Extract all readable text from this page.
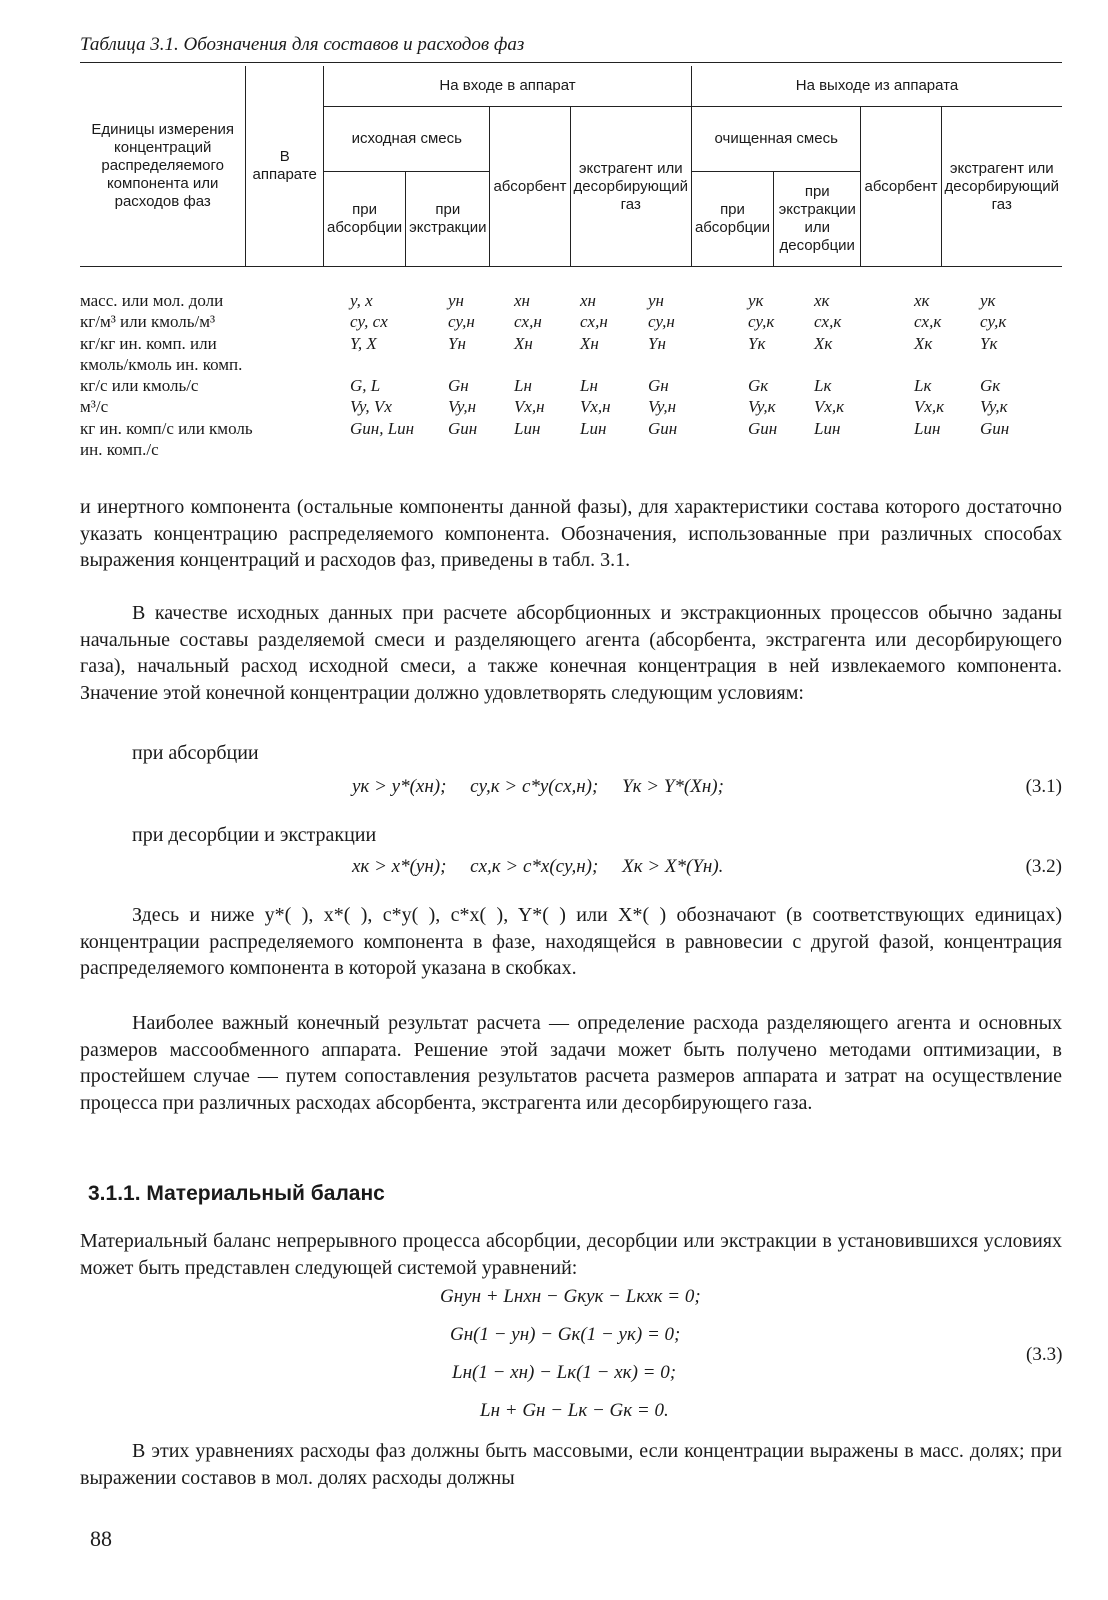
Таблица 3.1. Обозначения для составов и расходов фаз
Единицы измерения концентраций распределяемого компонента или расходов фаз	В аппарате	На входе в аппарат				На выходе из аппарата			
		исходная смесь		абсорбент	экстрагент или десорбирующий газ	очищенная смесь		абсорбент	экстрагент или десорбирующий газ
		при абсорбции	при экстракции			при абсорбции	при экстракции или десорбции		
масс. или мол. доли	y, x	yн	xн	xн	yн	yк	xк	xк	yк
кг/м³ или кмоль/м³	cy, cx	cy,н	cx,н	cx,н	cy,н	cy,к	cx,к	cx,к	cy,к
кг/кг ин. комп. или	Y, X	Yн	Xн	Xн	Yн	Yк	Xк	Xк	Yк
кмоль/кмоль ин. комп.
кг/с или кмоль/с	G, L	Gн	Lн	Lн	Gн	Gк	Lк	Lк	Gк
м³/с	Vy, Vx	Vy,н	Vx,н	Vx,н	Vy,н	Vy,к	Vx,к	Vx,к	Vy,к
кг ин. комп/с или кмоль	Gин, Lин	Gин	Lин	Lин	Gин	Gин	Lин	Lин	Gин
ин. комп./с

и инертного компонента (остальные компоненты данной фазы), для характеристики состава которого достаточно указать концентрацию распределяемого компонента. Обозначения, использованные при различных способах выражения концентраций и расходов фаз, приведены в табл. 3.1.

В качестве исходных данных при расчете абсорбционных и экстракционных процессов обычно заданы начальные составы разделяемой смеси и разделяющего агента (абсорбента, экстрагента или десорбирующего газа), начальный расход исходной смеси, а также конечная концентрация в ней извлекаемого компонента. Значение этой конечной концентрации должно удовлетворять следующим условиям:

при абсорбции
yк > y*(xн);     cy,к > c*y(cx,н);     Yк > Y*(Xн);	(3.1)
при десорбции и экстракции
xк > x*(yн);     cx,к > c*x(cy,н);     Xк > X*(Yн).	(3.2)

Здесь и ниже y*( ), x*( ), c*y( ), c*x( ), Y*( ) или X*( ) обозначают (в соответствующих единицах) концентрации распределяемого компонента в фазе, находящейся в равновесии с другой фазой, концентрация распределяемого компонента в которой указана в скобках.

Наиболее важный конечный результат расчета — определение расхода разделяющего агента и основных размеров массообменного аппарата. Решение этой задачи может быть получено методами оптимизации, в простейшем случае — путем сопоставления результатов расчета размеров аппарата и затрат на осуществление процесса при различных расходах абсорбента, экстрагента или десорбирующего газа.

3.1.1. Материальный баланс

Материальный баланс непрерывного процесса абсорбции, десорбции или экстракции в установившихся условиях может быть представлен следующей системой уравнений:

Gнyн + Lнxн − Gкyк − Lкxк = 0;
Gн(1 − yн) − Gк(1 − yк) = 0;
Lн(1 − xн) − Lк(1 − xк) = 0;
Lн + Gн − Lк − Gк = 0.
(3.3)

В этих уравнениях расходы фаз должны быть массовыми, если концентрации выражены в масс. долях; при выражении составов в мол. долях расходы должны

88
